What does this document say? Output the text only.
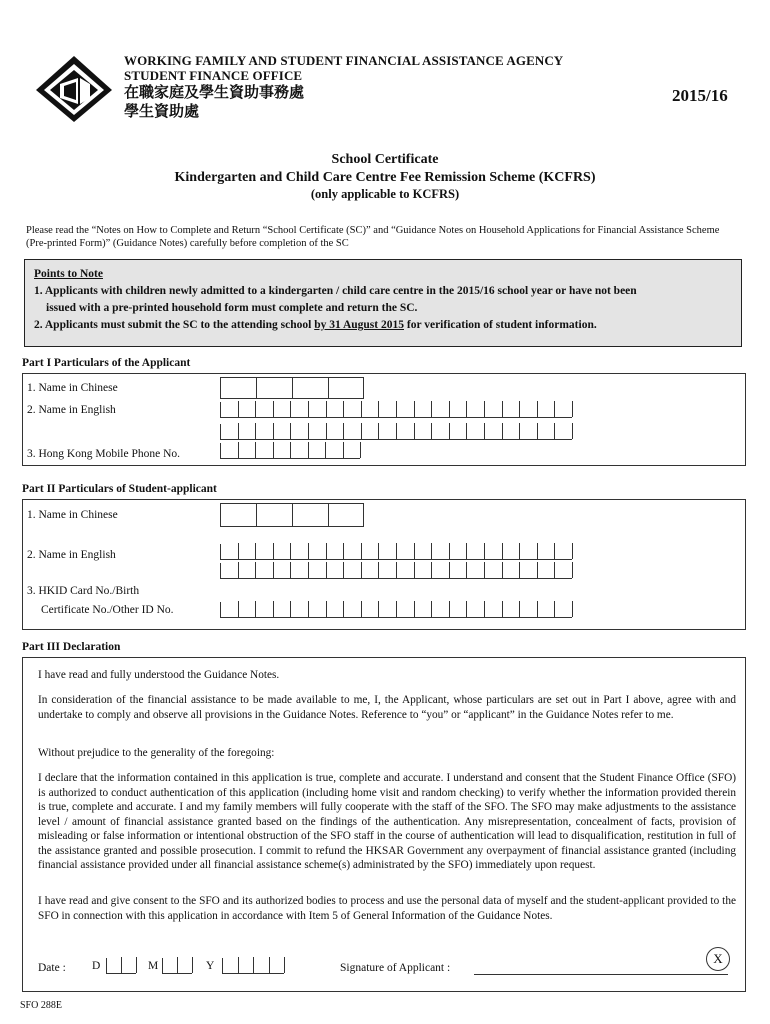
WORKING FAMILY AND STUDENT FINANCIAL ASSISTANCE AGENCY
STUDENT FINANCE OFFICE
在職家庭及學生資助事務處
學生資助處
2015/16
School Certificate
Kindergarten and Child Care Centre Fee Remission Scheme (KCFRS)
(only applicable to KCFRS)
Please read the “Notes on How to Complete and Return “School Certificate (SC)” and “Guidance Notes on Household Applications for Financial Assistance Scheme (Pre-printed Form)” (Guidance Notes) carefully before completion of the SC
Points to Note
1. Applicants with children newly admitted to a kindergarten / child care centre in the 2015/16 school year or have not been
issued with a pre-printed household form must complete and return the SC.
2. Applicants must submit the SC to the attending school by 31 August 2015 for verification of student information.
Part I Particulars of the Applicant
1. Name in Chinese
2. Name in English
3. Hong Kong Mobile Phone No.
Part II Particulars of Student-applicant
1. Name in Chinese
2. Name in English
3. HKID Card No./Birth
Certificate No./Other ID No.
Part III Declaration
I have read and fully understood the Guidance Notes.
In consideration of the financial assistance to be made available to me, I, the Applicant, whose particulars are set out in Part I above, agree with and undertake to comply and observe all provisions in the Guidance Notes. Reference to “you” or “applicant” in the Guidance Notes refer to me.
Without prejudice to the generality of the foregoing:
I declare that the information contained in this application is true, complete and accurate. I understand and consent that the Student Finance Office (SFO) is authorized to conduct authentication of this application (including home visit and random checking) to verify whether the information provided therein is true, complete and accurate. I and my family members will fully cooperate with the staff of the SFO. The SFO may make adjustments to the assistance level / amount of financial assistance granted based on the findings of the authentication. Any misrepresentation, concealment of facts, provision of misleading or false information or intentional obstruction of the SFO staff in the course of authentication will lead to disqualification, restitution in full of the assistance granted and possible prosecution. I commit to refund the HKSAR Government any overpayment of financial assistance granted (including financial assistance provided under all financial assistance scheme(s) administrated by the SFO) immediately upon request.
I have read and give consent to the SFO and its authorized bodies to process and use the personal data of myself and the student-applicant provided to the SFO in connection with this application in accordance with Item 5 of General Information of the Guidance Notes.
Date : D	M	Y	Signature of Applicant :
X
SFO 288E
